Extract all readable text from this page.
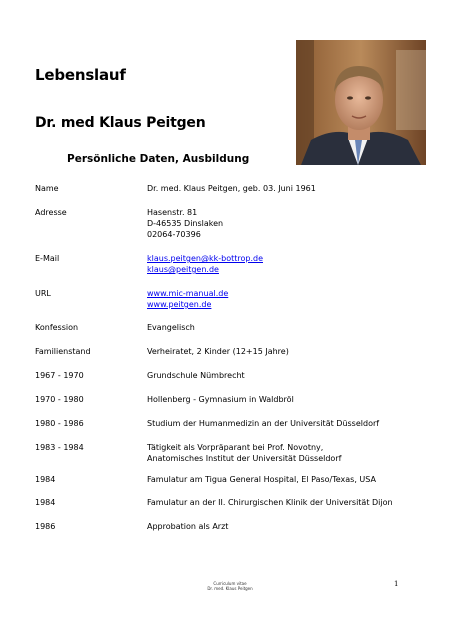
Lebenslauf
Dr. med Klaus Peitgen
Persönliche Daten, Ausbildung
Name	Dr. med. Klaus Peitgen, geb. 03. Juni 1961
Adresse	Hasenstr. 81
D-46535 Dinslaken
02064-70396
E-Mail	klaus.peitgen@kk-bottrop.de
klaus@peitgen.de
URL	www.mic-manual.de
www.peitgen.de
Konfession	Evangelisch
Familienstand	Verheiratet, 2 Kinder (12+15 Jahre)
1967 - 1970	Grundschule Nümbrecht
1970 - 1980	Hollenberg - Gymnasium in Waldbröl
1980 - 1986	Studium der Humanmedizin an der Universität Düsseldorf
1983 - 1984	Tätigkeit als Vorpräparant bei Prof. Novotny,
Anatomisches Institut der Universität Düsseldorf
1984	Famulatur am Tigua General Hospital, El Paso/Texas, USA
1984	Famulatur an der II. Chirurgischen Klinik der Universität Dijon
1986	Approbation als Arzt
Curriculum vitae
Dr. med. Klaus Peitgen
1
